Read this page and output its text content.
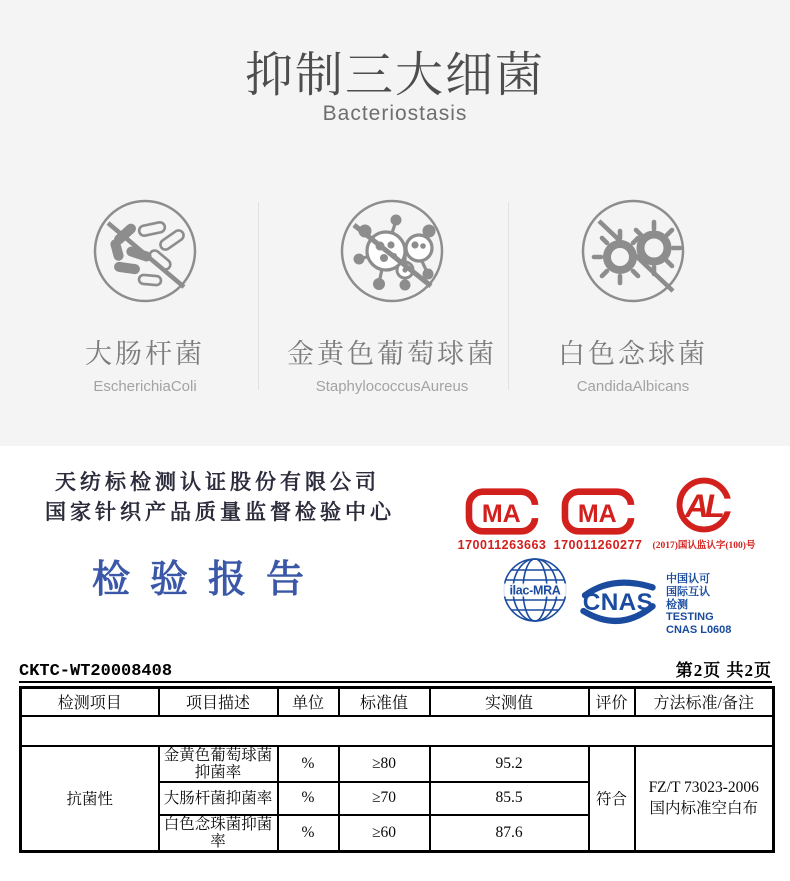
抑制三大细菌
Bacteriostasis
大肠杆菌
EscherichiaColi
金黄色葡萄球菌
StaphylococcusAureus
白色念球菌
CandidaAlbicans
天纺标检测认证股份有限公司
国家针织产品质量监督检验中心
检验报告
MA
170011263663
MA
170011260277
AL
(2017)国认监认字(100)号
ilac-MRA CNAS
中国认可
国际互认
检测
TESTING
CNAS L0608
CKTC-WT20008408	第2页 共2页
检测项目	项目描述	单位	标准值	实测值	评价	方法标准/备注

抗菌性	金黄色葡萄球菌抑菌率	%	≥80	95.2	符合	FZ/T 73023-2006
国内标准空白布

	大肠杆菌抑菌率	%	≥70	85.5		
	白色念珠菌抑菌率	%	≥60	87.6		
